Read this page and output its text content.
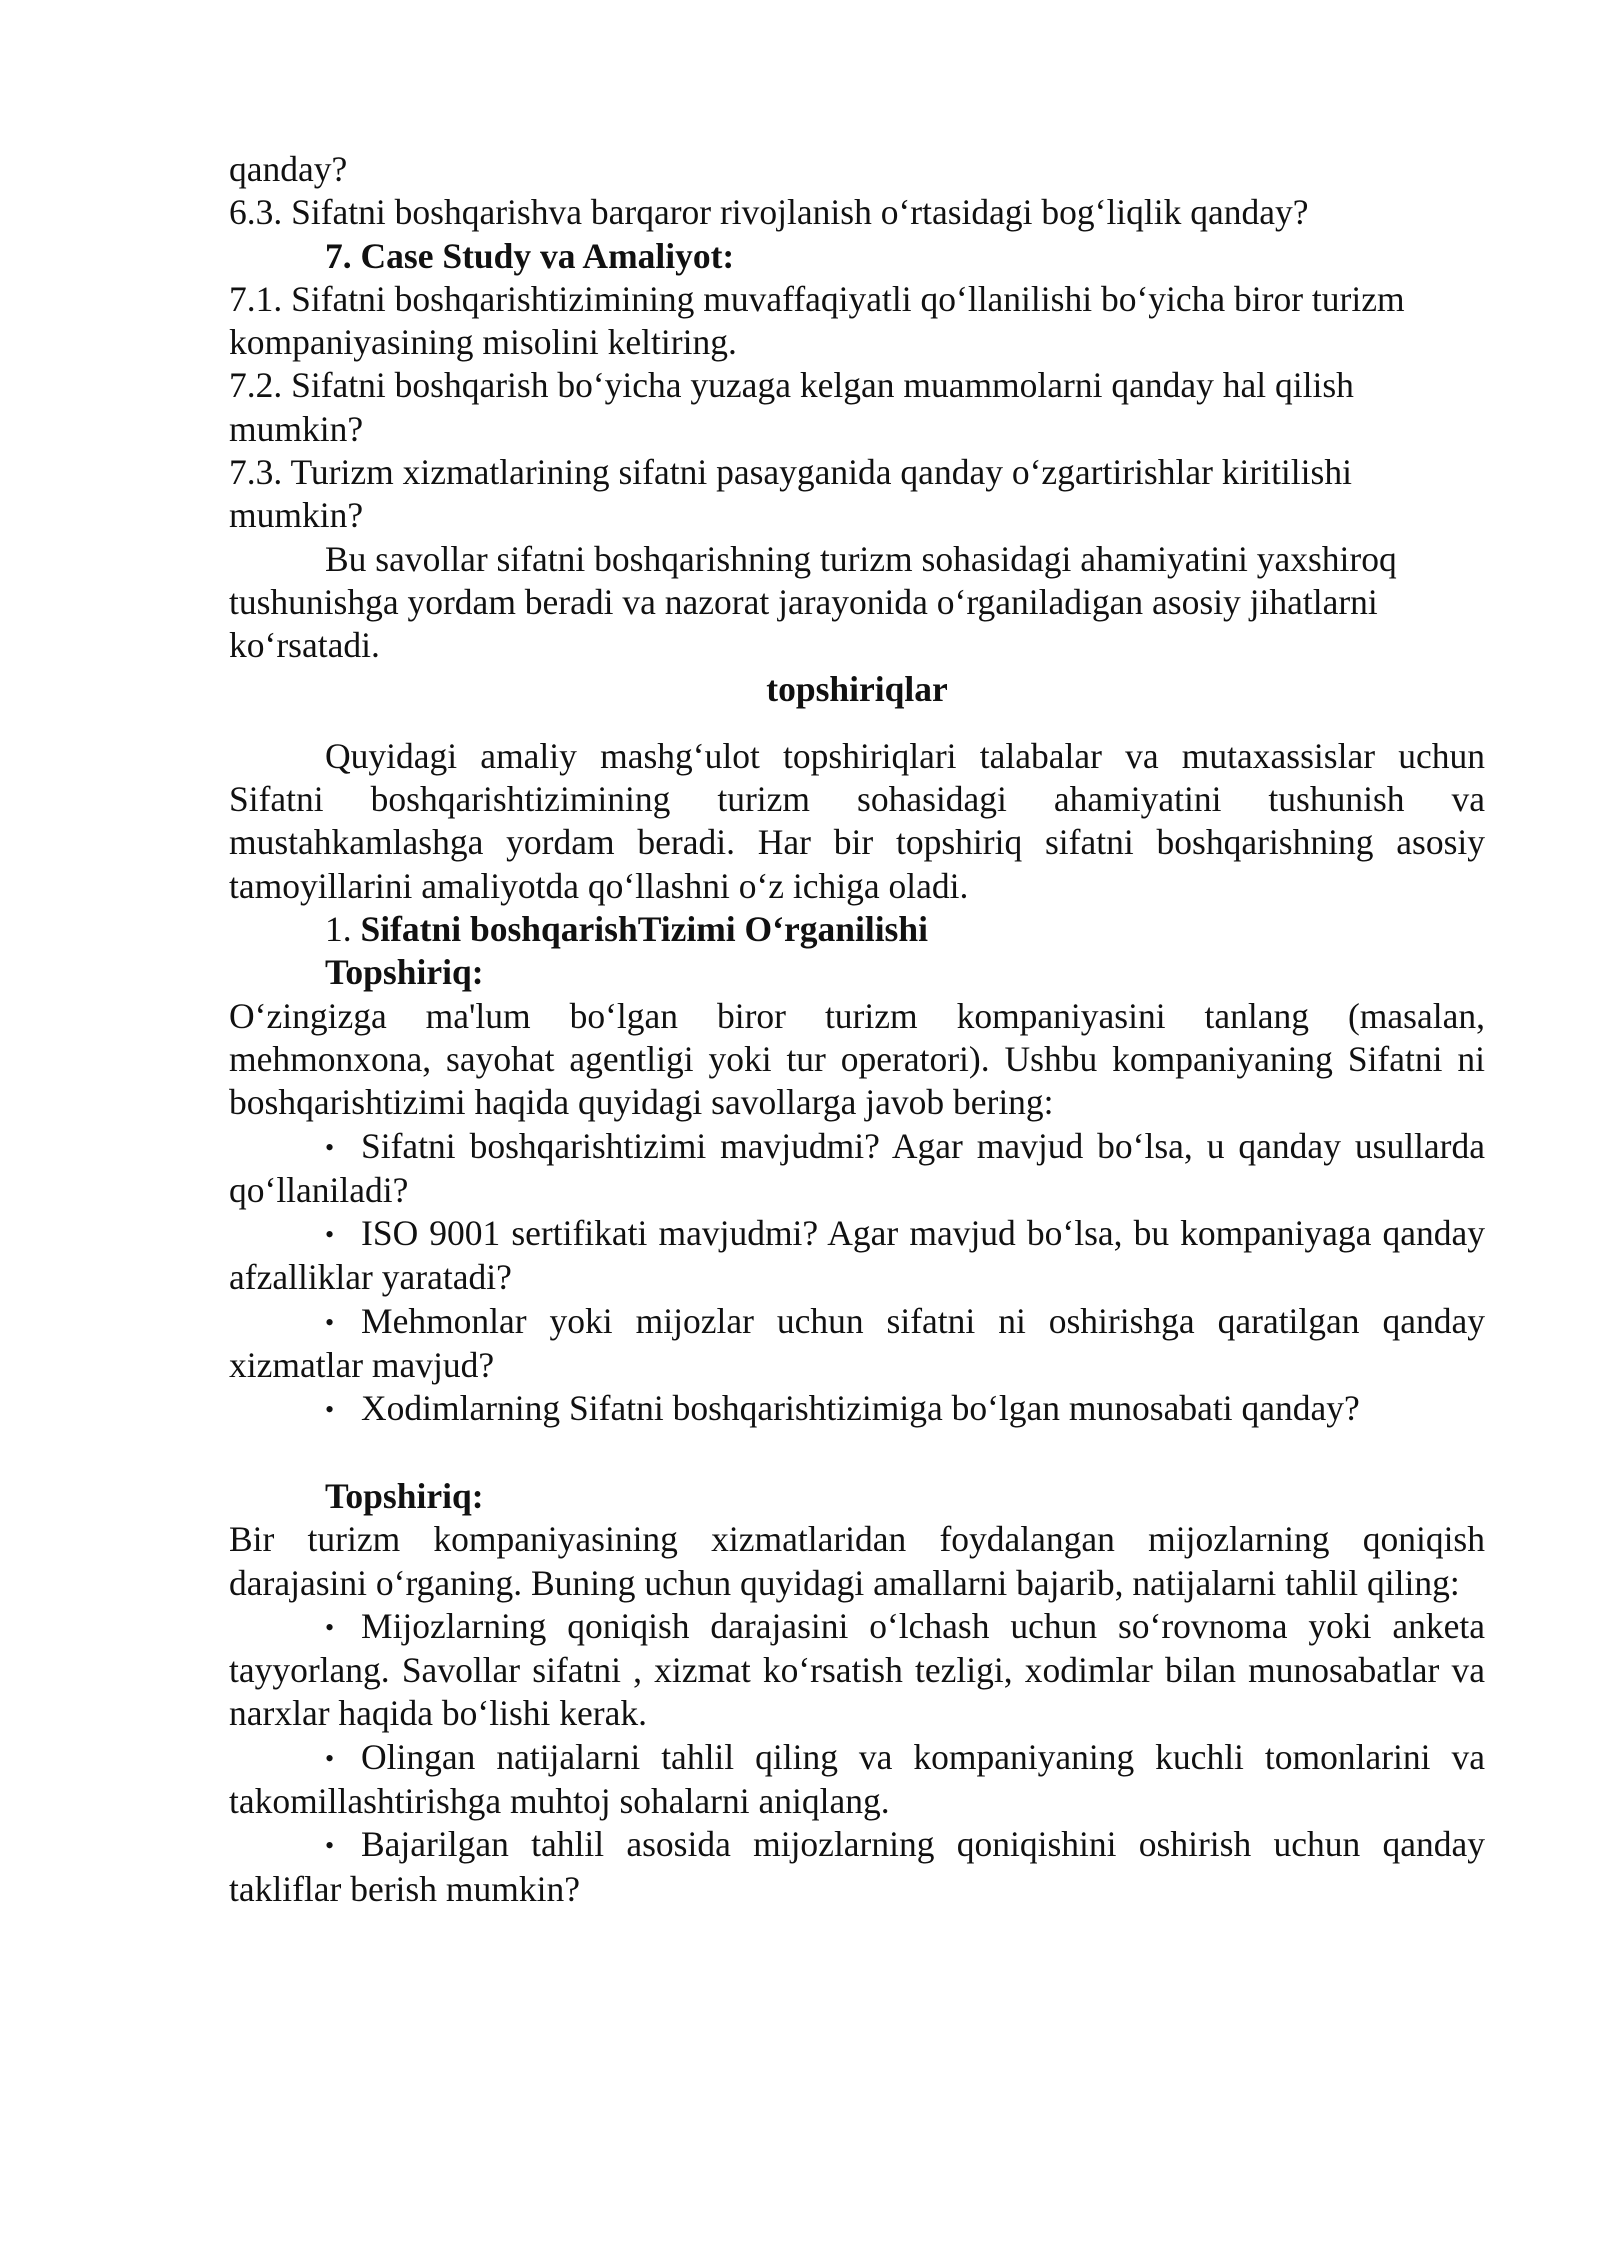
qanday?

6.3. Sifatni boshqarishva barqaror rivojlanish o‘rtasidagi bog‘liqlik qanday?

7. Case Study va Amaliyot:

7.1. Sifatni boshqarishtizimining muvaffaqiyatli qo‘llanilishi bo‘yicha biror turizm kompaniyasining misolini keltiring.

7.2. Sifatni boshqarish bo‘yicha yuzaga kelgan muammolarni qanday hal qilish mumkin?

7.3. Turizm xizmatlarining sifatni pasayganida qanday o‘zgartirishlar kiritilishi mumkin?

Bu savollar sifatni boshqarishning turizm sohasidagi ahamiyatini yaxshiroq tushunishga yordam beradi va nazorat jarayonida o‘rganiladigan asosiy jihatlarni ko‘rsatadi.

topshiriqlar

Quyidagi amaliy mashg‘ulot topshiriqlari talabalar va mutaxassislar uchun Sifatni boshqarishtizimining turizm sohasidagi ahamiyatini tushunish va mustahkamlashga yordam beradi. Har bir topshiriq sifatni boshqarishning asosiy tamoyillarini amaliyotda qo‘llashni o‘z ichiga oladi.

1. Sifatni boshqarishTizimi O‘rganilishi

Topshiriq:

O‘zingizga ma'lum bo‘lgan biror turizm kompaniyasini tanlang (masalan, mehmonxona, sayohat agentligi yoki tur operatori). Ushbu kompaniyaning Sifatni ni boshqarishtizimi haqida quyidagi savollarga javob bering:

• Sifatni boshqarishtizimi mavjudmi? Agar mavjud bo‘lsa, u qanday usullarda qo‘llaniladi?

• ISO 9001 sertifikati mavjudmi? Agar mavjud bo‘lsa, bu kompaniyaga qanday afzalliklar yaratadi?

• Mehmonlar yoki mijozlar uchun sifatni ni oshirishga qaratilgan qanday xizmatlar mavjud?

• Xodimlarning Sifatni boshqarishtizimiga bo‘lgan munosabati qanday?

Topshiriq:

Bir turizm kompaniyasining xizmatlaridan foydalangan mijozlarning qoniqish darajasini o‘rganing. Buning uchun quyidagi amallarni bajarib, natijalarni tahlil qiling:

• Mijozlarning qoniqish darajasini o‘lchash uchun so‘rovnoma yoki anketa tayyorlang. Savollar sifatni , xizmat ko‘rsatish tezligi, xodimlar bilan munosabatlar va narxlar haqida bo‘lishi kerak.

• Olingan natijalarni tahlil qiling va kompaniyaning kuchli tomonlarini va takomillashtirishga muhtoj sohalarni aniqlang.

• Bajarilgan tahlil asosida mijozlarning qoniqishini oshirish uchun qanday takliflar berish mumkin?
